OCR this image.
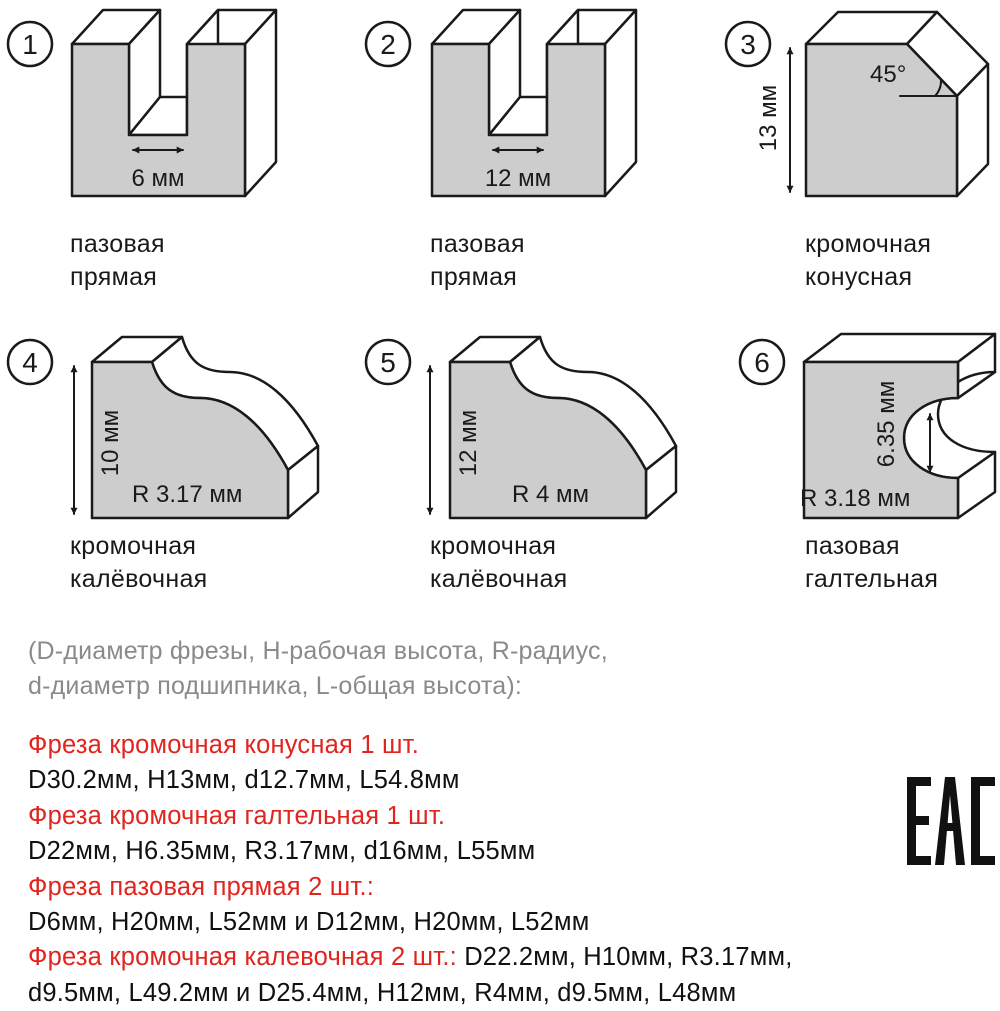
1
6 мм
2
12 мм
3
45°
13 мм
4
10 мм
R 3.17 мм
5
12 мм
R 4 мм
6
6.35 мм
R 3.18 мм
пазовая
прямая
пазовая
прямая
кромочная
конусная
кромочная
калёвочная
кромочная
калёвочная
пазовая
галтельная
(D-диаметр фрезы, H-рабочая высота, R-радиус,
d-диаметр подшипника, L-общая высота):
Фреза кромочная конусная 1 шт.
D30.2мм, H13мм, d12.7мм, L54.8мм
Фреза кромочная галтельная 1 шт.
D22мм, H6.35мм, R3.17мм, d16мм, L55мм
Фреза пазовая прямая 2 шт.:
D6мм, H20мм, L52мм и D12мм, H20мм, L52мм
Фреза кромочная калевочная 2 шт.: D22.2мм, H10мм, R3.17мм,
d9.5мм, L49.2мм и D25.4мм, H12мм, R4мм, d9.5мм, L48мм
